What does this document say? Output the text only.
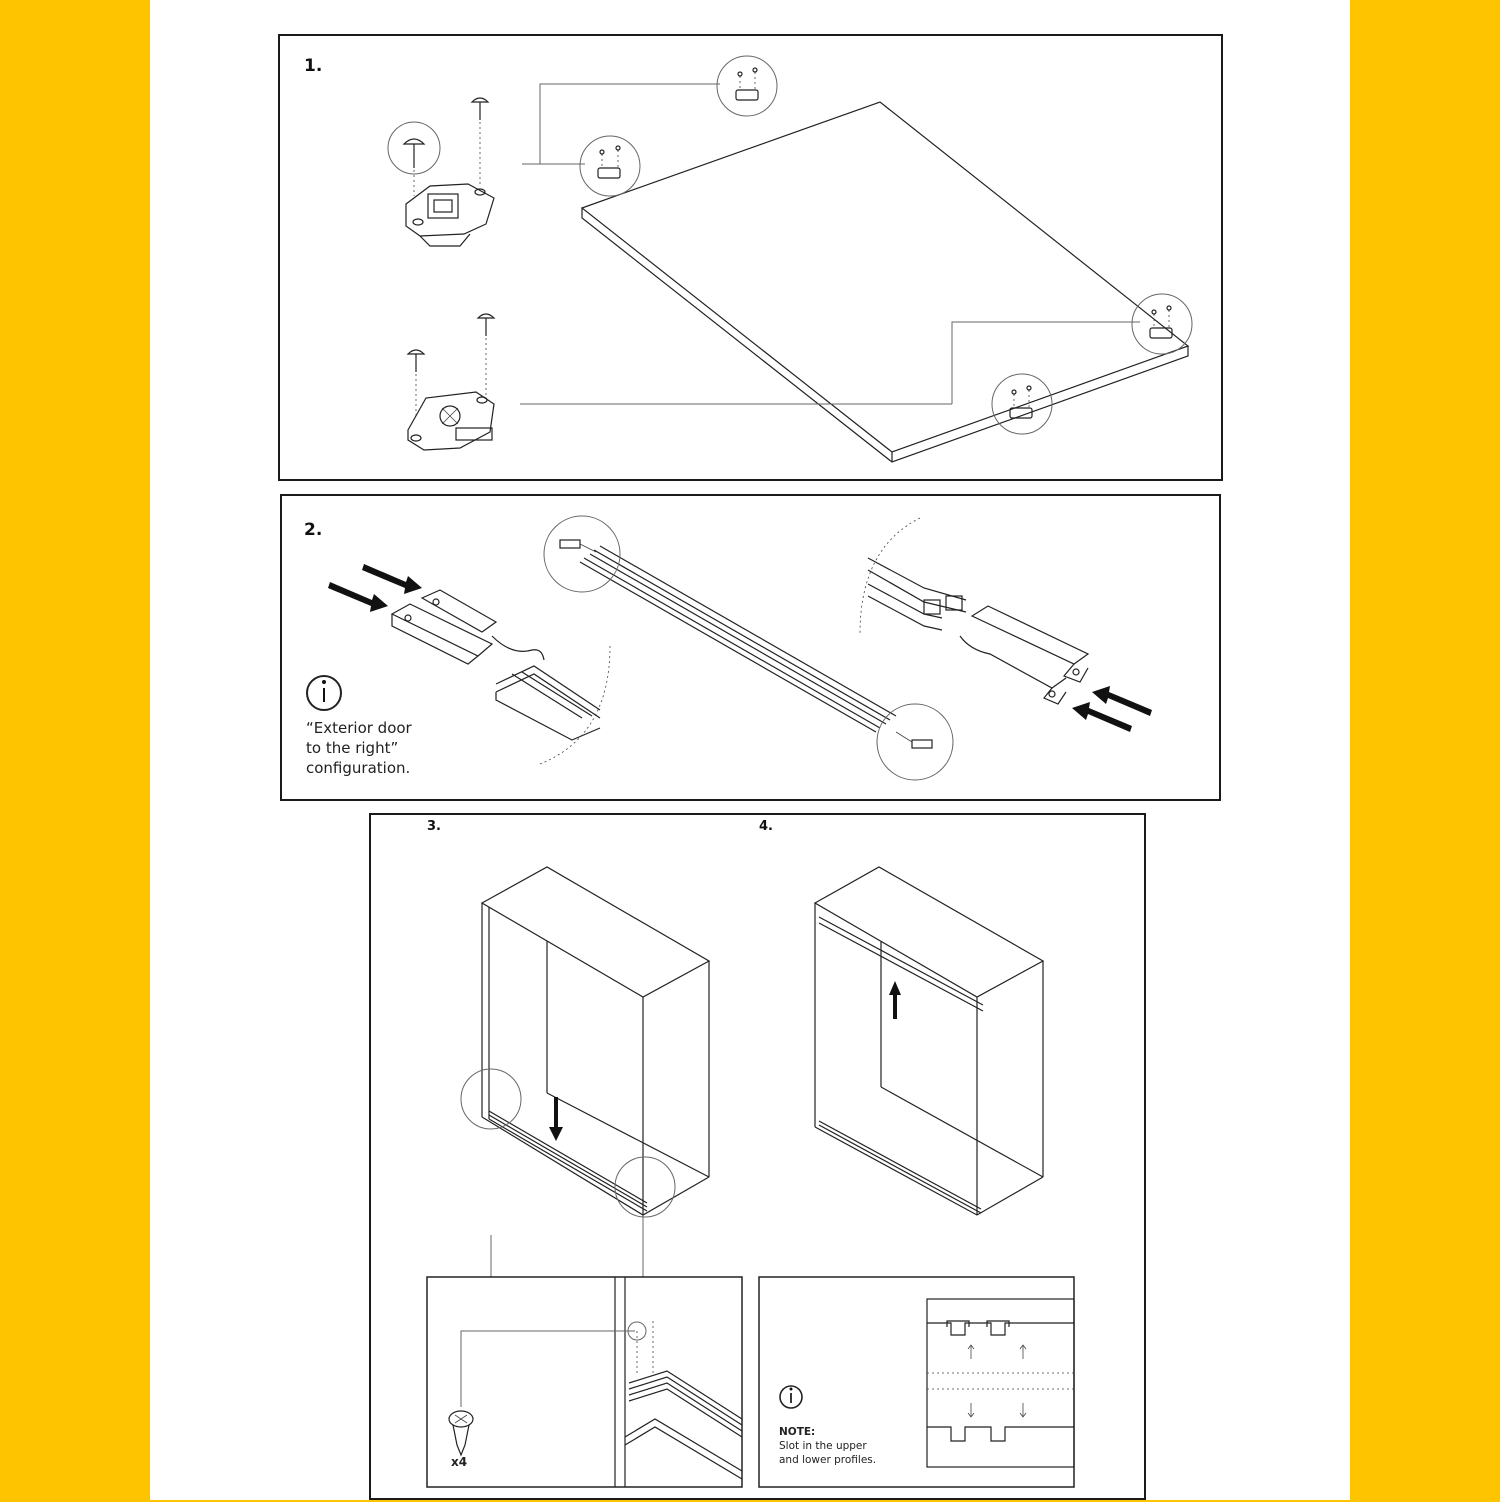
1.
2.
“Exterior door
to the right”
configuration.
3.	4.
x4
NOTE:
Slot in the upper
and lower profiles.
